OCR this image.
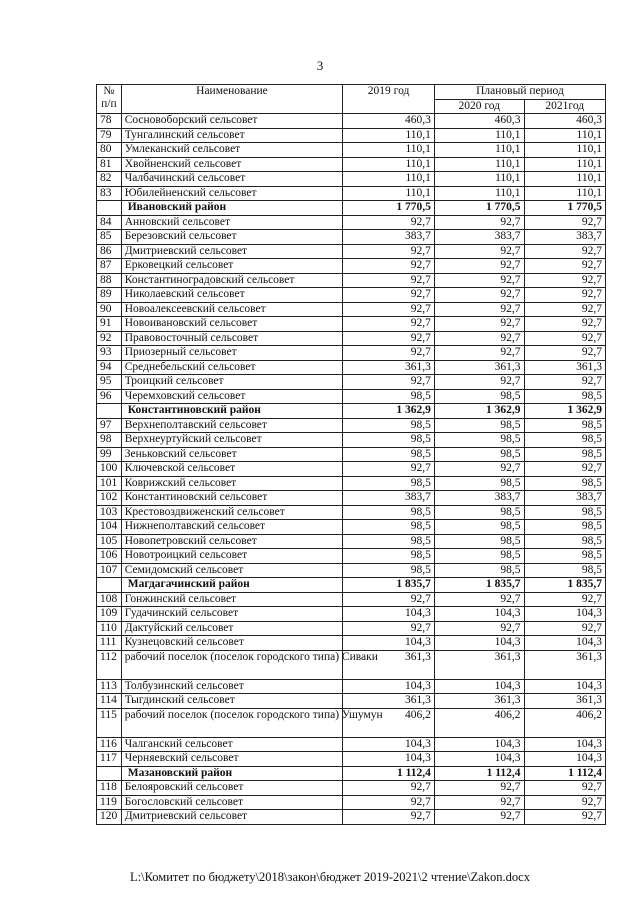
3
№
п/п	Наименование	2019 год	Плановый период	
			2020 год	2021год
78	Сосновоборский сельсовет	460,3	460,3	460,3
79	Тунгалинский сельсовет	110,1	110,1	110,1
80	Умлеканский сельсовет	110,1	110,1	110,1
81	Хвойненский сельсовет	110,1	110,1	110,1
82	Чалбачинский сельсовет	110,1	110,1	110,1
83	Юбилейненский сельсовет	110,1	110,1	110,1
	Ивановский район	1 770,5	1 770,5	1 770,5
84	Анновский сельсовет	92,7	92,7	92,7
85	Березовский сельсовет	383,7	383,7	383,7
86	Дмитриевский сельсовет	92,7	92,7	92,7
87	Ерковецкий сельсовет	92,7	92,7	92,7
88	Константиноградовский сельсовет	92,7	92,7	92,7
89	Николаевский сельсовет	92,7	92,7	92,7
90	Новоалексеевский сельсовет	92,7	92,7	92,7
91	Новоивановский сельсовет	92,7	92,7	92,7
92	Правовосточный сельсовет	92,7	92,7	92,7
93	Приозерный сельсовет	92,7	92,7	92,7
94	Среднебельский сельсовет	361,3	361,3	361,3
95	Троицкий сельсовет	92,7	92,7	92,7
96	Черемховский сельсовет	98,5	98,5	98,5
	Константиновский район	1 362,9	1 362,9	1 362,9
97	Верхнеполтавский сельсовет	98,5	98,5	98,5
98	Верхнеуртуйский сельсовет	98,5	98,5	98,5
99	Зеньковский сельсовет	98,5	98,5	98,5
100	Ключевской сельсовет	92,7	92,7	92,7
101	Коврижский сельсовет	98,5	98,5	98,5
102	Константиновский сельсовет	383,7	383,7	383,7
103	Крестовоздвиженский сельсовет	98,5	98,5	98,5
104	Нижнеполтавский сельсовет	98,5	98,5	98,5
105	Новопетровский сельсовет	98,5	98,5	98,5
106	Новотроицкий сельсовет	98,5	98,5	98,5
107	Семидомский сельсовет	98,5	98,5	98,5
	Магдагачинский район	1 835,7	1 835,7	1 835,7
108	Гонжинский сельсовет	92,7	92,7	92,7
109	Гудачинский сельсовет	104,3	104,3	104,3
110	Дактуйский сельсовет	92,7	92,7	92,7
111	Кузнецовский сельсовет	104,3	104,3	104,3
112	рабочий поселок (поселок городского типа) Сиваки	361,3	361,3	361,3
113	Толбузинский сельсовет	104,3	104,3	104,3
114	Тыгдинский сельсовет	361,3	361,3	361,3
115	рабочий поселок (поселок городского типа) Ушумун	406,2	406,2	406,2
116	Чалганский сельсовет	104,3	104,3	104,3
117	Черняевский сельсовет	104,3	104,3	104,3
	Мазановский район	1 112,4	1 112,4	1 112,4
118	Белояровский сельсовет	92,7	92,7	92,7
119	Богословский сельсовет	92,7	92,7	92,7
120	Дмитриевский сельсовет	92,7	92,7	92,7
L:\Комитет по бюджету\2018\закон\бюджет 2019-2021\2 чтение\Zakon.docx
